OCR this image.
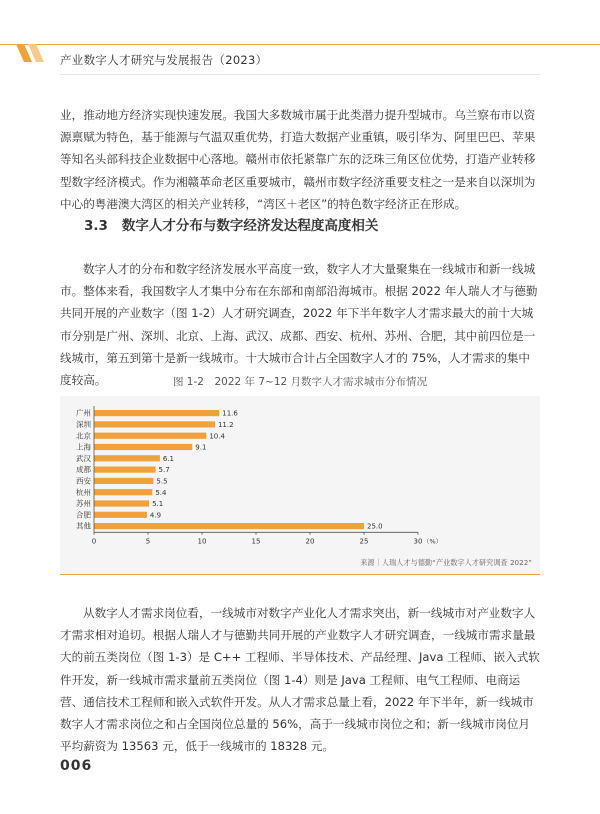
产业数字人才研究与发展报告（2023）

业，推动地方经济实现快速发展。我国大多数城市属于此类潜力提升型城市。乌兰察布市以资源禀赋为特色，基于能源与气温双重优势，打造大数据产业重镇，吸引华为、阿里巴巴、苹果等知名头部科技企业数据中心落地。赣州市依托紧靠广东的泛珠三角区位优势，打造产业转移型数字经济模式。作为湘赣革命老区重要城市，赣州市数字经济重要支柱之一是来自以深圳为中心的粤港澳大湾区的相关产业转移，“湾区＋老区”的特色数字经济正在形成。

3.3 数字人才分布与数字经济发达程度高度相关

数字人才的分布和数字经济发展水平高度一致，数字人才大量聚集在一线城市和新一线城市。整体来看，我国数字人才集中分布在东部和南部沿海城市。根据 2022 年人瑞人才与德勤共同开展的产业数字（图 1-2）人才研究调查，2022 年下半年数字人才需求最大的前十大城市分别是广州、深圳、北京、上海、武汉、成都、西安、杭州、苏州、合肥，其中前四位是一线城市，第五到第十是新一线城市。十大城市合计占全国数字人才的 75%，人才需求的集中度较高。	图 1-2　2022 年 7~12 月数字人才需求城市分布情况
广州	11.6
深圳	11.2
北京	10.4
上海	9.1
武汉	6.1
成都	5.7
西安	5.5
杭州	5.4
苏州	5.1
合肥	4.9
其他	25.0
0	5	10	15	20	25	30 （%）
来源｜人瑞人才与德勤“产业数字人才研究调查 2022”

从数字人才需求岗位看，一线城市对数字产业化人才需求突出，新一线城市对产业数字人才需求相对追切。根据人瑞人才与德勤共同开展的产业数字人才研究调查，一线城市需求量最大的前五类岗位（图 1-3）是 C++ 工程师、半导体技术、产品经理、Java 工程师、嵌入式软件开发，新一线城市需求量前五类岗位（图 1-4）则是 Java 工程师、电气工程师、电商运营、通信技术工程师和嵌入式软件开发。从人才需求总量上看，2022 年下半年，新一线城市数字人才需求岗位之和占全国岗位总量的 56%，高于一线城市岗位之和；新一线城市岗位月平均薪资为 13563 元，低于一线城市的 18328 元。

006
